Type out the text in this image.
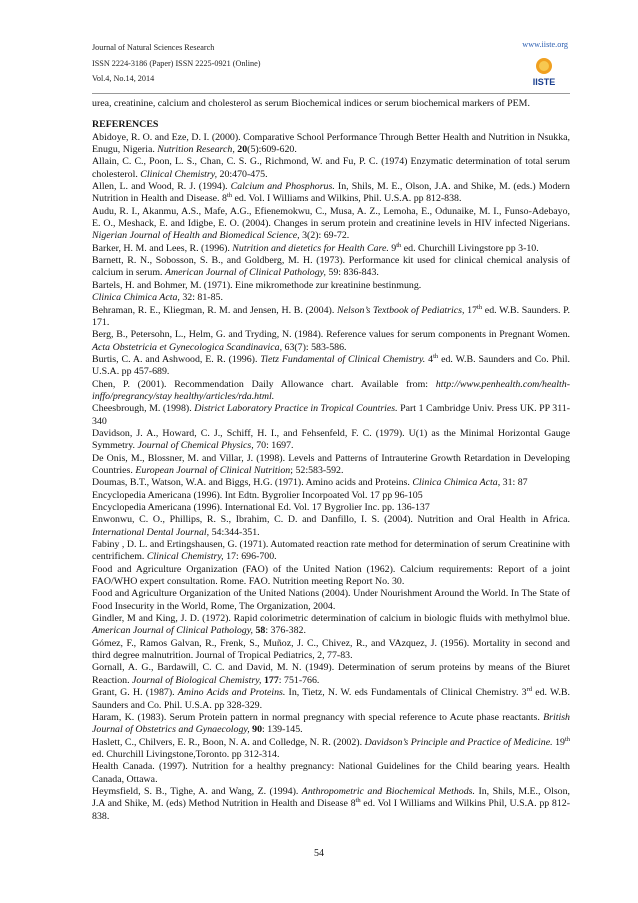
Journal of Natural Sciences Research
ISSN 2224-3186 (Paper) ISSN 2225-0921 (Online)
Vol.4, No.14, 2014
www.iiste.org
IISTE

urea, creatinine, calcium and cholesterol as serum Biochemical indices or serum biochemical markers of PEM.

REFERENCES

Abidoye, R. O. and Eze, D. I. (2000). Comparative School Performance Through Better Health and Nutrition in Nsukka, Enugu, Nigeria. Nutrition Research, 20(5):609-620.

Allain, C. C., Poon, L. S., Chan, C. S. G., Richmond, W. and Fu, P. C. (1974) Enzymatic determination of total serum cholesterol. Clinical Chemistry, 20:470-475.

Allen, L. and Wood, R. J. (1994). Calcium and Phosphorus. In, Shils, M. E., Olson, J.A. and Shike, M. (eds.) Modern Nutrition in Health and Disease. 8th ed. Vol. I Williams and Wilkins, Phil. U.S.A. pp 812-838.

Audu, R. I., Akanmu, A.S., Mafe, A.G., Efienemokwu, C., Musa, A. Z., Lemoha, E., Odunaike, M. I., Funso-Adebayo, E. O., Meshack, E. and Idigbe, E. O. (2004). Changes in serum protein and creatinine levels in HIV infected Nigerians. Nigerian Journal of Health and Biomedical Science, 3(2): 69-72.

Barker, H. M. and Lees, R. (1996). Nutrition and dietetics for Health Care. 9th ed. Churchill Livingstore pp 3-10.

Barnett, R. N., Sobosson, S. B., and Goldberg, M. H. (1973). Performance kit used for clinical chemical analysis of calcium in serum. American Journal of Clinical Pathology, 59: 836-843.

Bartels, H. and Bohmer, M. (1971). Eine mikromethode zur kreatinine bestinmung.

Clinica Chimica Acta, 32: 81-85.

Behraman, R. E., Kliegman, R. M. and Jensen, H. B. (2004). Nelson’s Textbook of Pediatrics, 17th ed. W.B. Saunders. P. 171.

Berg, B., Petersohn, L., Helm, G. and Tryding, N. (1984). Reference values for serum components in Pregnant Women. Acta Obstetricia et Gynecologica Scandinavica, 63(7): 583-586.

Burtis, C. A. and Ashwood, E. R. (1996). Tietz Fundamental of Clinical Chemistry. 4th ed. W.B. Saunders and Co. Phil. U.S.A. pp 457-689.

Chen, P. (2001). Recommendation Daily Allowance chart. Available from: http://www.penhealth.com/health-inffo/pregrancy/stay healthy/articles/rda.html.

Cheesbrough, M. (1998). District Laboratory Practice in Tropical Countries. Part 1 Cambridge Univ. Press UK. PP 311-340

Davidson, J. A., Howard, C. J., Schiff, H. I., and Fehsenfeld, F. C. (1979). U(1) as the Minimal Horizontal Gauge Symmetry. Journal of Chemical Physics, 70: 1697.

De Onis, M., Blossner, M. and Villar, J. (1998). Levels and Patterns of Intrauterine Growth Retardation in Developing Countries. European Journal of Clinical Nutrition; 52:583-592.

Doumas, B.T., Watson, W.A. and Biggs, H.G. (1971). Amino acids and Proteins. Clinica Chimica Acta, 31: 87

Encyclopedia Americana (1996). Int Edtn. Bygrolier Incorpoated Vol. 17 pp 96-105

Encyclopedia Americana (1996). International Ed. Vol. 17 Bygrolier Inc. pp. 136-137

Enwonwu, C. O., Phillips, R. S., Ibrahim, C. D. and Danfillo, I. S. (2004). Nutrition and Oral Health in Africa. International Dental Journal, 54:344-351.

Fabiny , D. L. and Ertingshausen, G. (1971). Automated reaction rate method for determination of serum Creatinine with centrifichem. Clinical Chemistry, 17: 696-700.

Food and Agriculture Organization (FAO) of the United Nation (1962). Calcium requirements: Report of a joint FAO/WHO expert consultation. Rome. FAO. Nutrition meeting Report No. 30.

Food and Agriculture Organization of the United Nations (2004). Under Nourishment Around the World. In The State of Food Insecurity in the World, Rome, The Organization, 2004.

Gindler, M and King, J. D. (1972). Rapid colorimetric determination of calcium in biologic fluids with methylmol blue. American Journal of Clinical Pathology, 58: 376-382.

Gómez, F., Ramos Galvan, R., Frenk, S., Muñoz, J. C., Chivez, R., and VAzquez, J. (1956). Mortality in second and third degree malnutrition. Journal of Tropical Pediatrics, 2, 77-83.

Gornall, A. G., Bardawill, C. C. and David, M. N. (1949). Determination of serum proteins by means of the Biuret Reaction. Journal of Biological Chemistry, 177: 751-766.

Grant, G. H. (1987). Amino Acids and Proteins. In, Tietz, N. W. eds Fundamentals of Clinical Chemistry. 3rd ed. W.B. Saunders and Co. Phil. U.S.A. pp 328-329.

Haram, K. (1983). Serum Protein pattern in normal pregnancy with special reference to Acute phase reactants. British Journal of Obstetrics and Gynaecology, 90: 139-145.

Haslett, C., Chilvers, E. R., Boon, N. A. and Colledge, N. R. (2002). Davidson’s Principle and Practice of Medicine. 19th ed. Churchill Livingstone,Toronto. pp 312-314.

Health Canada. (1997). Nutrition for a healthy pregnancy: National Guidelines for the Child bearing years. Health Canada, Ottawa.

Heymsfield, S. B., Tighe, A. and Wang, Z. (1994). Anthropometric and Biochemical Methods. In, Shils, M.E., Olson, J.A and Shike, M. (eds) Method Nutrition in Health and Disease 8th ed. Vol I Williams and Wilkins Phil, U.S.A. pp 812-838.

54
